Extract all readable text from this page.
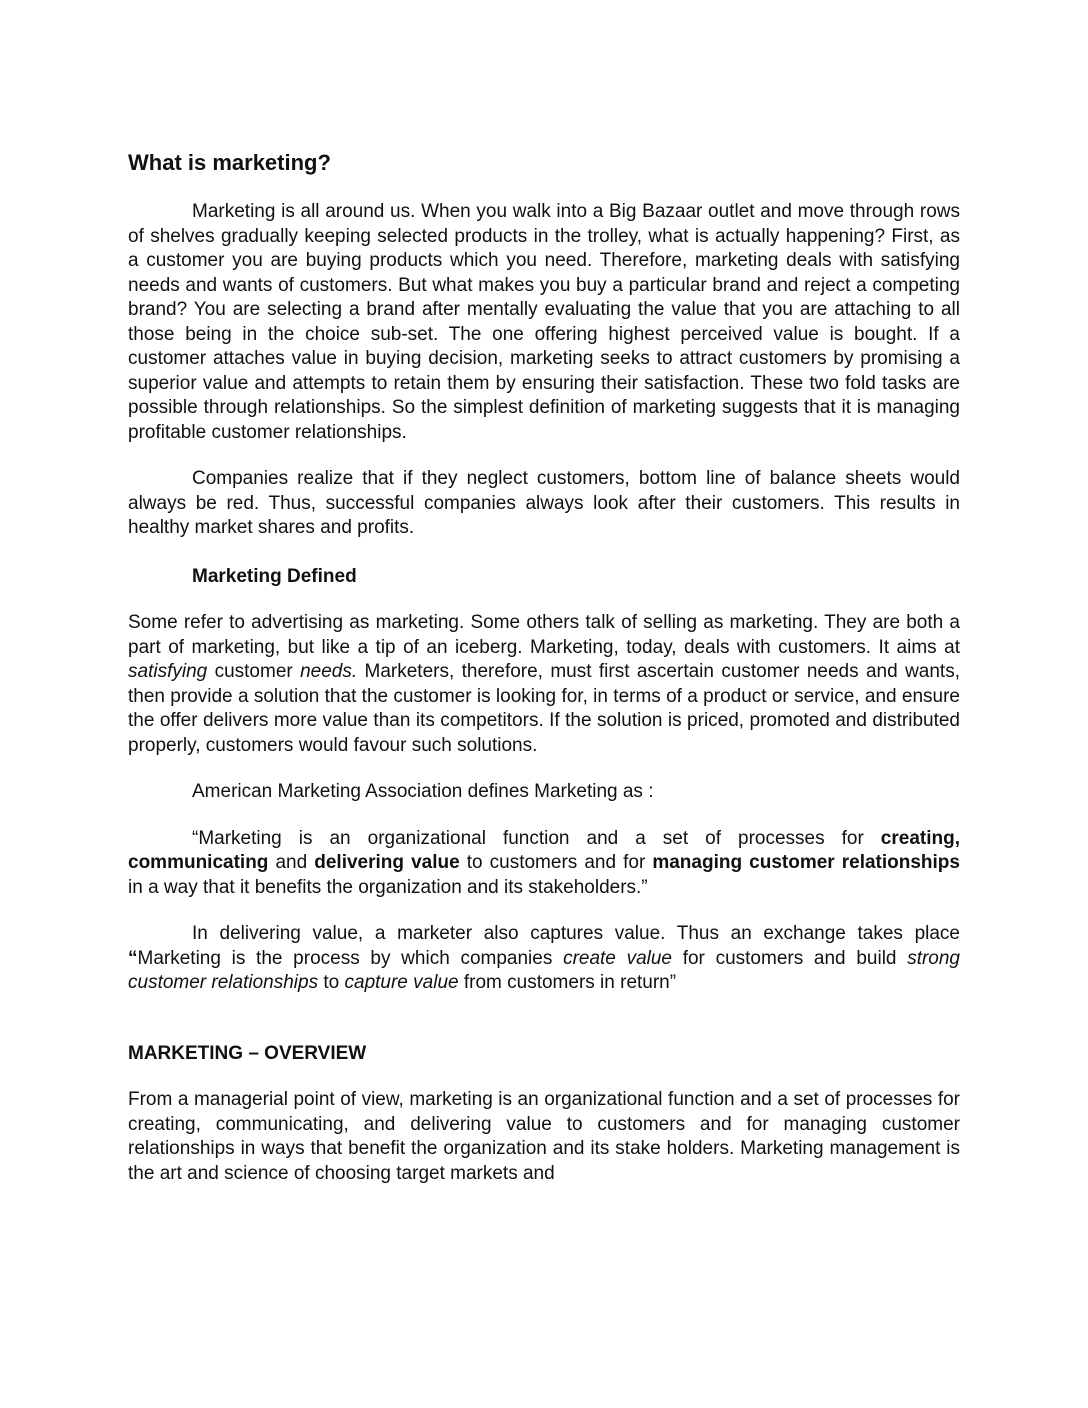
What is marketing?

Marketing is all around us. When you walk into a Big Bazaar outlet and move through rows of shelves gradually keeping selected products in the trolley, what is actually happening? First, as a customer you are buying products which you need. Therefore, marketing deals with satisfying needs and wants of customers. But what makes you buy a particular brand and reject a competing brand? You are selecting a brand after mentally evaluating the value that you are attaching to all those being in the choice sub-set. The one offering highest perceived value is bought. If a customer attaches value in buying decision, marketing seeks to attract customers by promising a superior value and attempts to retain them by ensuring their satisfaction. These two fold tasks are possible through relationships. So the simplest definition of marketing suggests that it is managing profitable customer relationships.

Companies realize that if they neglect customers, bottom line of balance sheets would always be red. Thus, successful companies always look after their customers. This results in healthy market shares and profits.

Marketing Defined

Some refer to advertising as marketing. Some others talk of selling as marketing. They are both a part of marketing, but like a tip of an iceberg. Marketing, today, deals with customers. It aims at satisfying customer needs. Marketers, therefore, must first ascertain customer needs and wants, then provide a solution that the customer is looking for, in terms of a product or service, and ensure the offer delivers more value than its competitors. If the solution is priced, promoted and distributed properly, customers would favour such solutions.

American Marketing Association defines Marketing as :

“Marketing is an organizational function and a set of processes for creating, communicating and delivering value to customers and for managing customer relationships in a way that it benefits the organization and its stakeholders.”

In delivering value, a marketer also captures value. Thus an exchange takes place “Marketing is the process by which companies create value for customers and build strong customer relationships to capture value from customers in return”

MARKETING – OVERVIEW

From a managerial point of view, marketing is an organizational function and a set of processes for creating, communicating, and delivering value to customers and for managing customer relationships in ways that benefit the organization and its stake holders. Marketing management is the art and science of choosing target markets and
